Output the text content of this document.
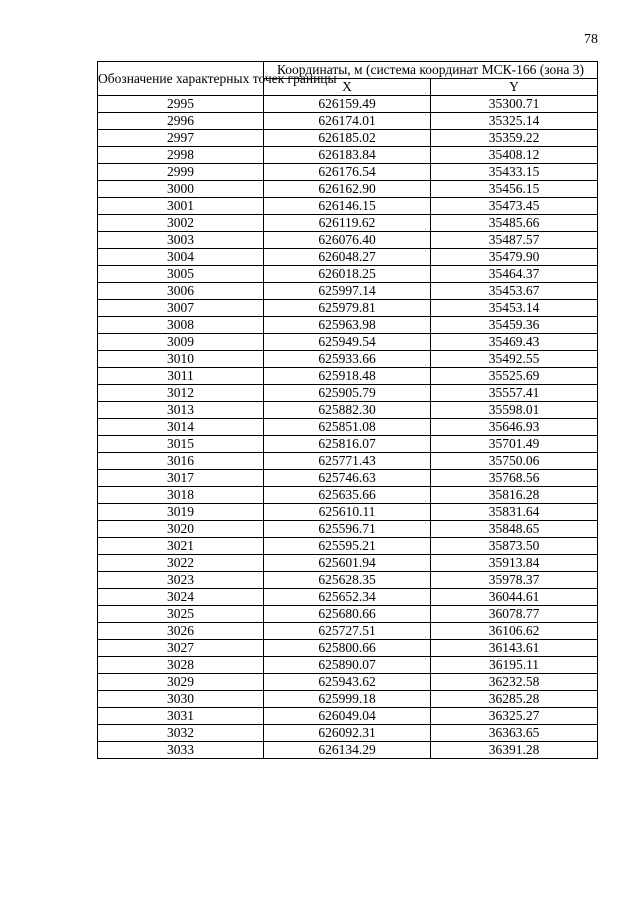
78
Обозначение характерных точек границы	Координаты, м (система координат МСК-166 (зона 3)	
	X	Y
2995	626159.49	35300.71
2996	626174.01	35325.14
2997	626185.02	35359.22
2998	626183.84	35408.12
2999	626176.54	35433.15
3000	626162.90	35456.15
3001	626146.15	35473.45
3002	626119.62	35485.66
3003	626076.40	35487.57
3004	626048.27	35479.90
3005	626018.25	35464.37
3006	625997.14	35453.67
3007	625979.81	35453.14
3008	625963.98	35459.36
3009	625949.54	35469.43
3010	625933.66	35492.55
3011	625918.48	35525.69
3012	625905.79	35557.41
3013	625882.30	35598.01
3014	625851.08	35646.93
3015	625816.07	35701.49
3016	625771.43	35750.06
3017	625746.63	35768.56
3018	625635.66	35816.28
3019	625610.11	35831.64
3020	625596.71	35848.65
3021	625595.21	35873.50
3022	625601.94	35913.84
3023	625628.35	35978.37
3024	625652.34	36044.61
3025	625680.66	36078.77
3026	625727.51	36106.62
3027	625800.66	36143.61
3028	625890.07	36195.11
3029	625943.62	36232.58
3030	625999.18	36285.28
3031	626049.04	36325.27
3032	626092.31	36363.65
3033	626134.29	36391.28
